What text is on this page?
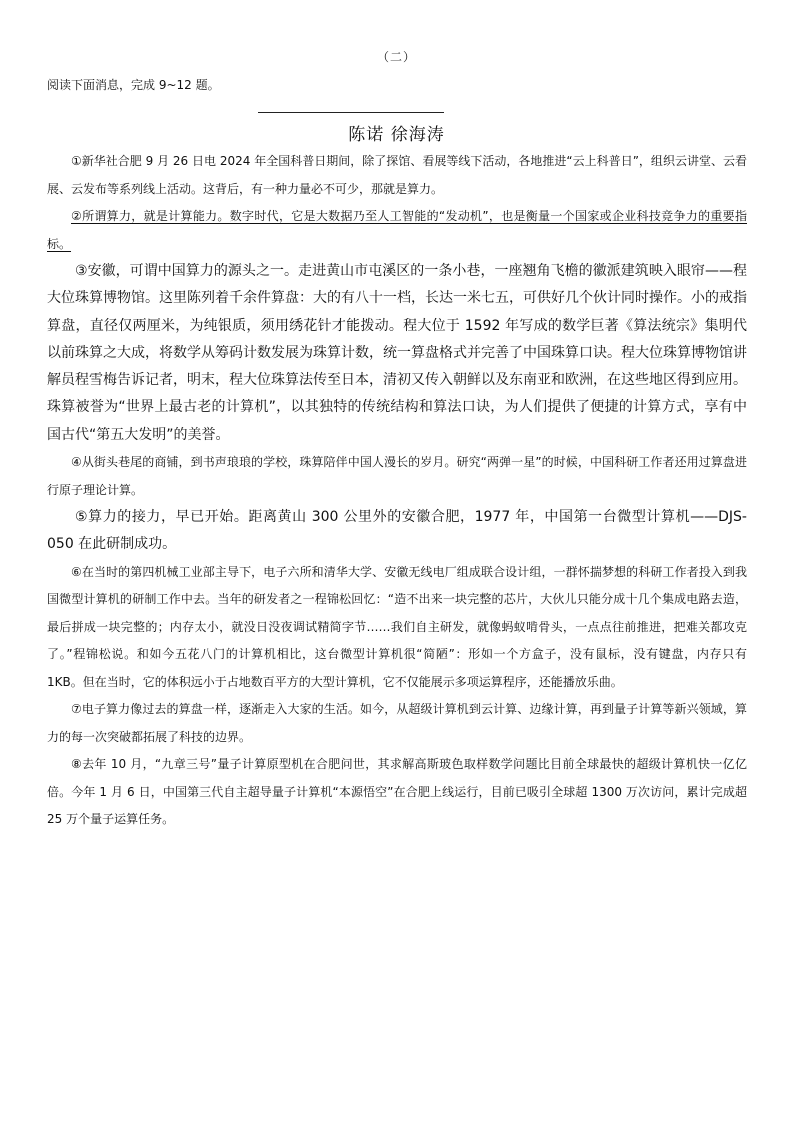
（二）
阅读下面消息，完成 9~12 题。
陈诺 徐海涛

①新华社合肥 9 月 26 日电 2024 年全国科普日期间，除了探馆、看展等线下活动，各地推进“云上科普日”，组织云讲堂、云看展、云发布等系列线上活动。这背后，有一种力量必不可少，那就是算力。

②所谓算力，就是计算能力。数字时代，它是大数据乃至人工智能的“发动机”，也是衡量一个国家或企业科技竞争力的重要指标。

③安徽，可谓中国算力的源头之一。走进黄山市屯溪区的一条小巷，一座翘角飞檐的徽派建筑映入眼帘——程大位珠算博物馆。这里陈列着千余件算盘：大的有八十一档，长达一米七五，可供好几个伙计同时操作。小的戒指算盘，直径仅两厘米，为纯银质，须用绣花针才能拨动。程大位于 1592 年写成的数学巨著《算法统宗》集明代以前珠算之大成，将数学从筹码计数发展为珠算计数，统一算盘格式并完善了中国珠算口诀。程大位珠算博物馆讲解员程雪梅告诉记者，明末，程大位珠算法传至日本，清初又传入朝鲜以及东南亚和欧洲，在这些地区得到应用。珠算被誉为“世界上最古老的计算机”，以其独特的传统结构和算法口诀，为人们提供了便捷的计算方式，享有中国古代“第五大发明”的美誉。

④从街头巷尾的商铺，到书声琅琅的学校，珠算陪伴中国人漫长的岁月。研究“两弹一星”的时候，中国科研工作者还用过算盘进行原子理论计算。

⑤算力的接力，早已开始。距离黄山 300 公里外的安徽合肥，1977 年，中国第一台微型计算机——DJS-050 在此研制成功。

⑥在当时的第四机械工业部主导下，电子六所和清华大学、安徽无线电厂组成联合设计组，一群怀揣梦想的科研工作者投入到我国微型计算机的研制工作中去。当年的研发者之一程锦松回忆：“造不出来一块完整的芯片，大伙儿只能分成十几个集成电路去造，最后拼成一块完整的；内存太小，就没日没夜调试精简字节……我们自主研发，就像蚂蚁啃骨头，一点点往前推进，把难关都攻克了。”程锦松说。和如今五花八门的计算机相比，这台微型计算机很“简陋”：形如一个方盒子，没有鼠标，没有键盘，内存只有 1KB。但在当时，它的体积远小于占地数百平方的大型计算机，它不仅能展示多项运算程序，还能播放乐曲。

⑦电子算力像过去的算盘一样，逐渐走入大家的生活。如今，从超级计算机到云计算、边缘计算，再到量子计算等新兴领域，算力的每一次突破都拓展了科技的边界。

⑧去年 10 月，“九章三号”量子计算原型机在合肥问世，其求解高斯玻色取样数学问题比目前全球最快的超级计算机快一亿亿倍。今年 1 月 6 日，中国第三代自主超导量子计算机“本源悟空”在合肥上线运行，目前已吸引全球超 1300 万次访问，累计完成超 25 万个量子运算任务。
